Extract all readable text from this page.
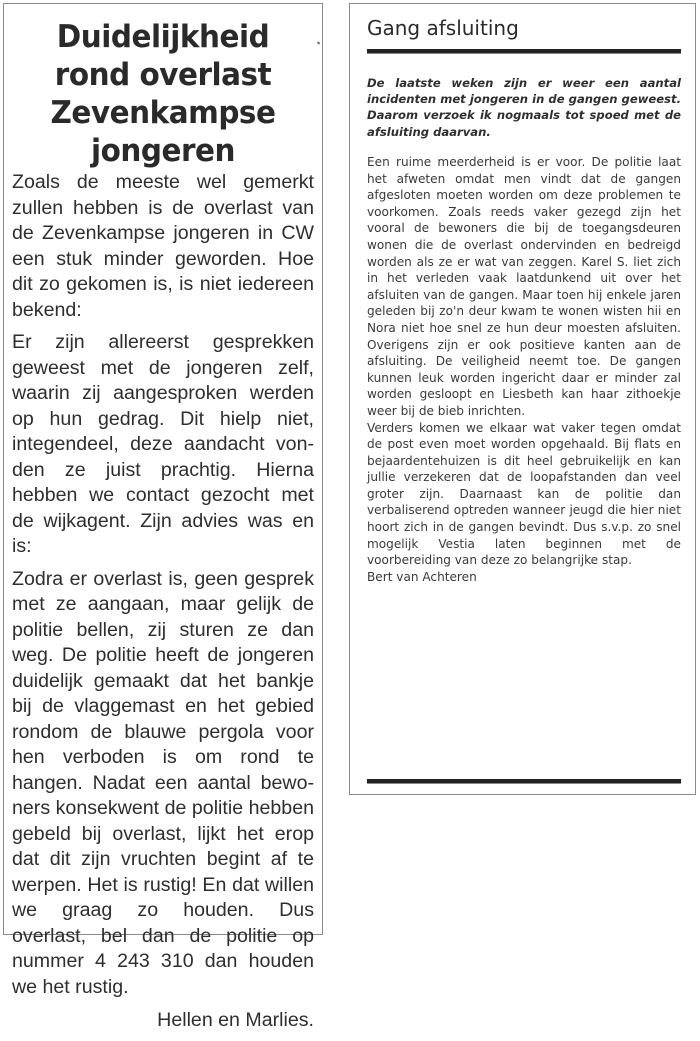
Duidelijkheid
rond overlast
Zevenkampse
jongeren

Zoals de meeste wel gemerkt zullen hebben is de overlast van de Zevenkampse jongeren in CW een stuk minder geworden. Hoe dit zo gekomen is, is niet iedereen bekend:

Er zijn allereerst gesprekken geweest met de jongeren zelf, waarin zij aangesproken werden op hun gedrag. Dit hielp niet, integendeel, deze aandacht vonden ze juist prachtig. Hierna hebben we contact gezocht met de wijkagent. Zijn advies was en is:

Zodra er overlast is, geen gesprek met ze aangaan, maar gelijk de politie bellen, zij sturen ze dan weg. De politie heeft de jongeren duidelijk gemaakt dat het bankje bij de vlaggemast en het gebied rondom de blauwe pergola voor hen verboden is om rond te hangen. Nadat een aantal bewoners konsekwent de politie hebben gebeld bij overlast, lijkt het erop dat dit zijn vruchten begint af te werpen. Het is rustig! En dat willen we graag zo houden. Dus overlast, bel dan de politie op nummer 4 243 310 dan houden we het rustig.

Hellen en Marlies.

Gang afsluiting
De laatste weken zijn er weer een aantal incidenten met jongeren in de gangen geweest. Daarom verzoek ik nogmaals tot spoed met de afsluiting daarvan.

Een ruime meerderheid is er voor. De politie laat het afweten omdat men vindt dat de gangen afgesloten moeten worden om deze problemen te voorkomen. Zoals reeds vaker gezegd zijn het vooral de bewoners die bij de toegangsdeuren wonen die de overlast ondervinden en bedreigd worden als ze er wat van zeggen. Karel S. liet zich in het verleden vaak laatdunkend uit over het afsluiten van de gangen. Maar toen hij enkele jaren geleden bij zo'n deur kwam te wonen wisten hii en Nora niet hoe snel ze hun deur moesten afsluiten. Overigens zijn er ook positieve kanten aan de afsluiting. De veiligheid neemt toe. De gangen kunnen leuk worden ingericht daar er minder zal worden gesloopt en Liesbeth kan haar zithoekje weer bij de bieb inrichten.

Verders komen we elkaar wat vaker tegen omdat de post even moet worden opgehaald. Bij flats en bejaardentehuizen is dit heel gebruikelijk en kan jullie verzekeren dat de loopafstanden dan veel groter zijn. Daarnaast kan de politie dan verbaliserend optreden wanneer jeugd die hier niet hoort zich in de gangen bevindt. Dus s.v.p. zo snel mogelijk Vestia laten beginnen met de voorbereiding van deze zo belangrijke stap.

Bert van Achteren
